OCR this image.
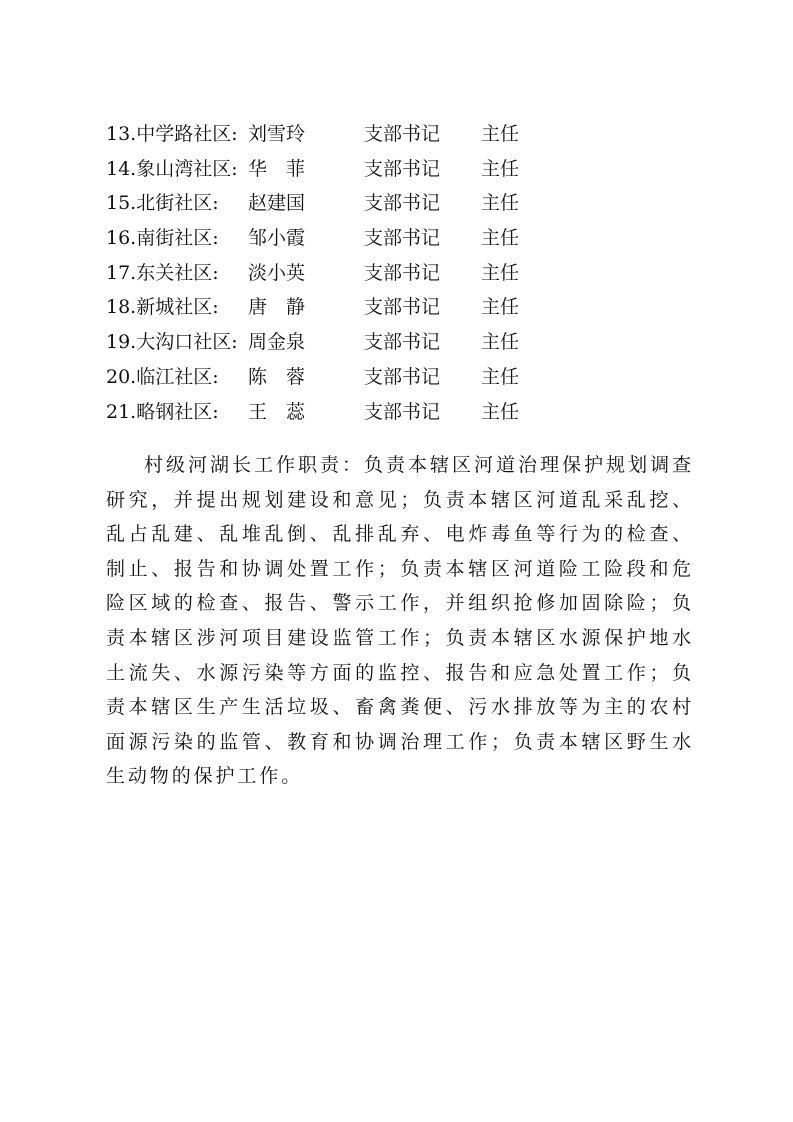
13.中学路社区: 刘雪玲	支部书记 主任
14.象山湾社区: 华　菲	支部书记 主任
15.北街社区: 赵建国	支部书记 主任
16.南街社区: 邹小霞	支部书记 主任
17.东关社区: 淡小英	支部书记 主任
18.新城社区: 唐　静	支部书记 主任
19.大沟口社区: 周金泉	支部书记 主任
20.临江社区: 陈　蓉	支部书记 主任
21.略钢社区: 王　蕊	支部书记 主任

村级河湖长工作职责：负责本辖区河道治理保护规划调查研究，并提出规划建设和意见；负责本辖区河道乱采乱挖、乱占乱建、乱堆乱倒、乱排乱弃、电炸毒鱼等行为的检查、制止、报告和协调处置工作；负责本辖区河道险工险段和危险区域的检查、报告、警示工作，并组织抢修加固除险；负责本辖区涉河项目建设监管工作；负责本辖区水源保护地水土流失、水源污染等方面的监控、报告和应急处置工作；负责本辖区生产生活垃圾、畜禽粪便、污水排放等为主的农村面源污染的监管、教育和协调治理工作；负责本辖区野生水生动物的保护工作。
